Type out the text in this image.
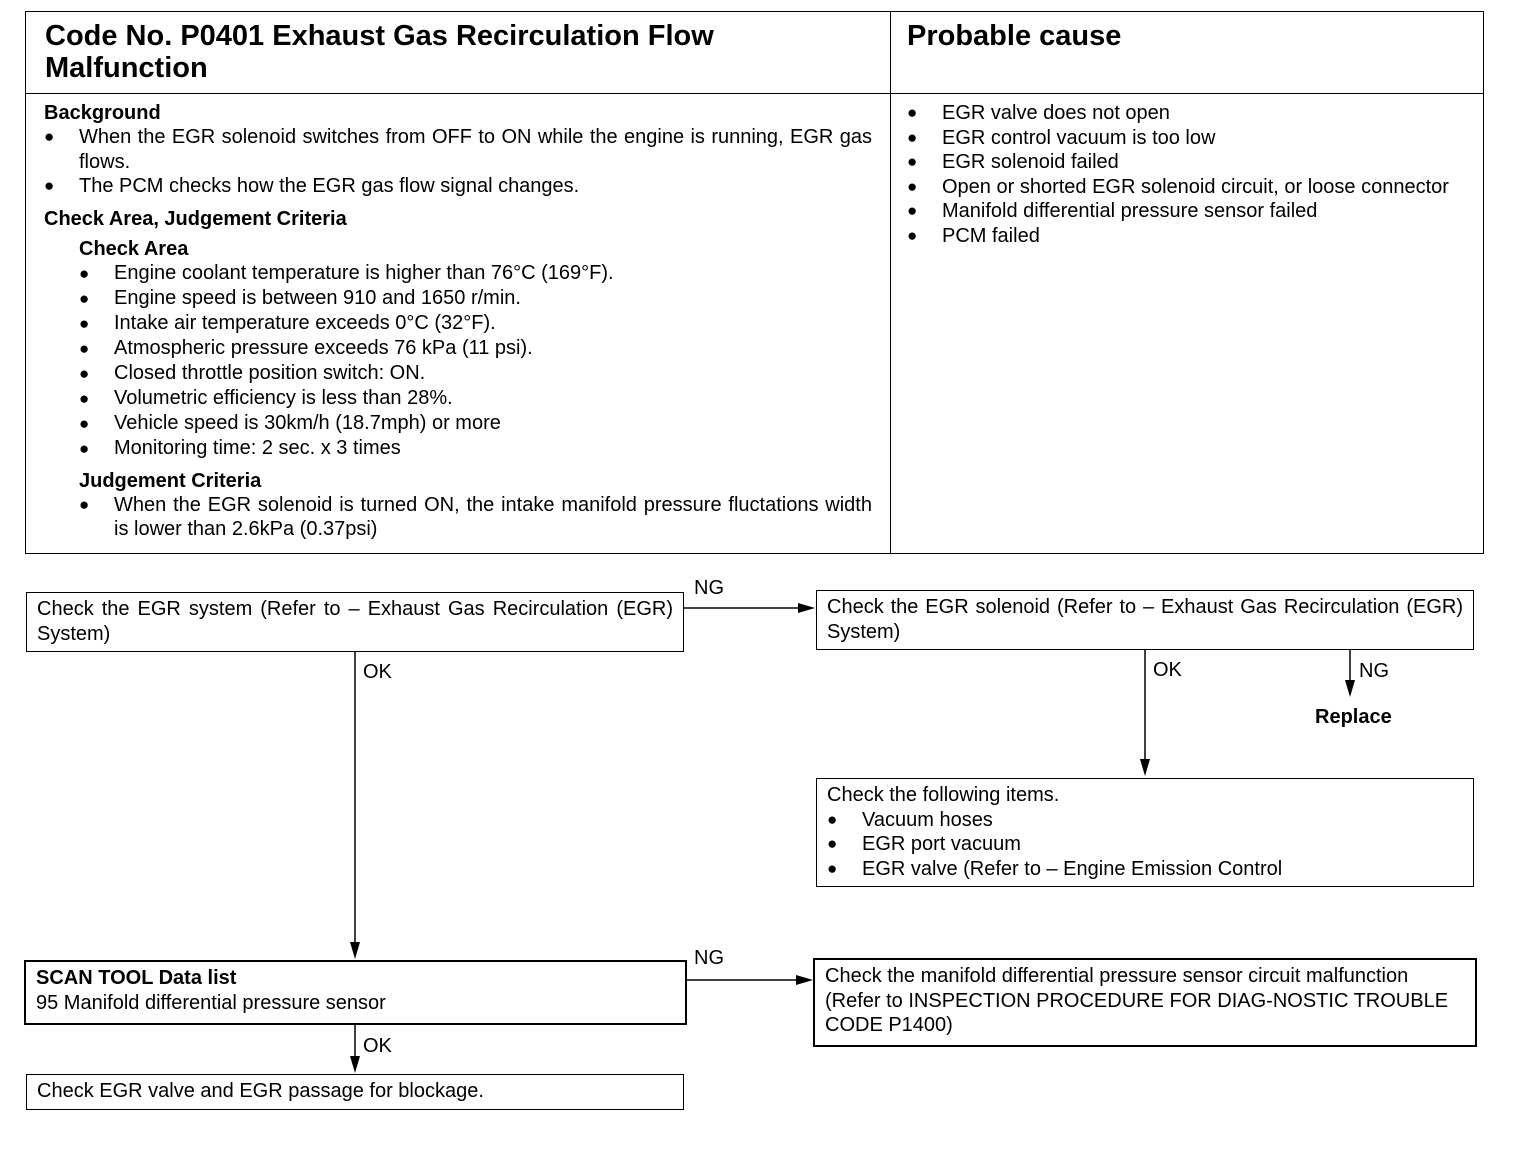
Code No. P0401 Exhaust Gas Recirculation Flow Malfunction
Probable cause
Background
● When the EGR solenoid switches from OFF to ON while the engine is running, EGR gas flows.
● The PCM checks how the EGR gas flow signal changes.
Check Area, Judgement Criteria
Check Area
● Engine coolant temperature is higher than 76°C (169°F).
● Engine speed is between 910 and 1650 r/min.
● Intake air temperature exceeds 0°C (32°F).
● Atmospheric pressure exceeds 76 kPa (11 psi).
● Closed throttle position switch: ON.
● Volumetric efficiency is less than 28%.
● Vehicle speed is 30km/h (18.7mph) or more
● Monitoring time: 2 sec. x 3 times
Judgement Criteria
● When the EGR solenoid is turned ON, the intake manifold pressure fluctations width is lower than 2.6kPa (0.37psi)
● EGR valve does not open
● EGR control vacuum is too low
● EGR solenoid failed
● Open or shorted EGR solenoid circuit, or loose connector
● Manifold differential pressure sensor failed
● PCM failed
Check the EGR system (Refer to – Exhaust Gas Recirculation (EGR) System)
Check the EGR solenoid (Refer to – Exhaust Gas Recirculation (EGR) System)
Check the following items.
● Vacuum hoses
● EGR port vacuum
● EGR valve (Refer to – Engine Emission Control
SCAN TOOL Data list
95 Manifold differential pressure sensor
Check the manifold differential pressure sensor circuit malfunction (Refer to INSPECTION PROCEDURE FOR DIAG-NOSTIC TROUBLE CODE P1400)
Check EGR valve and EGR passage for blockage.
NG
OK	OK	NG
Replace
NG
OK
